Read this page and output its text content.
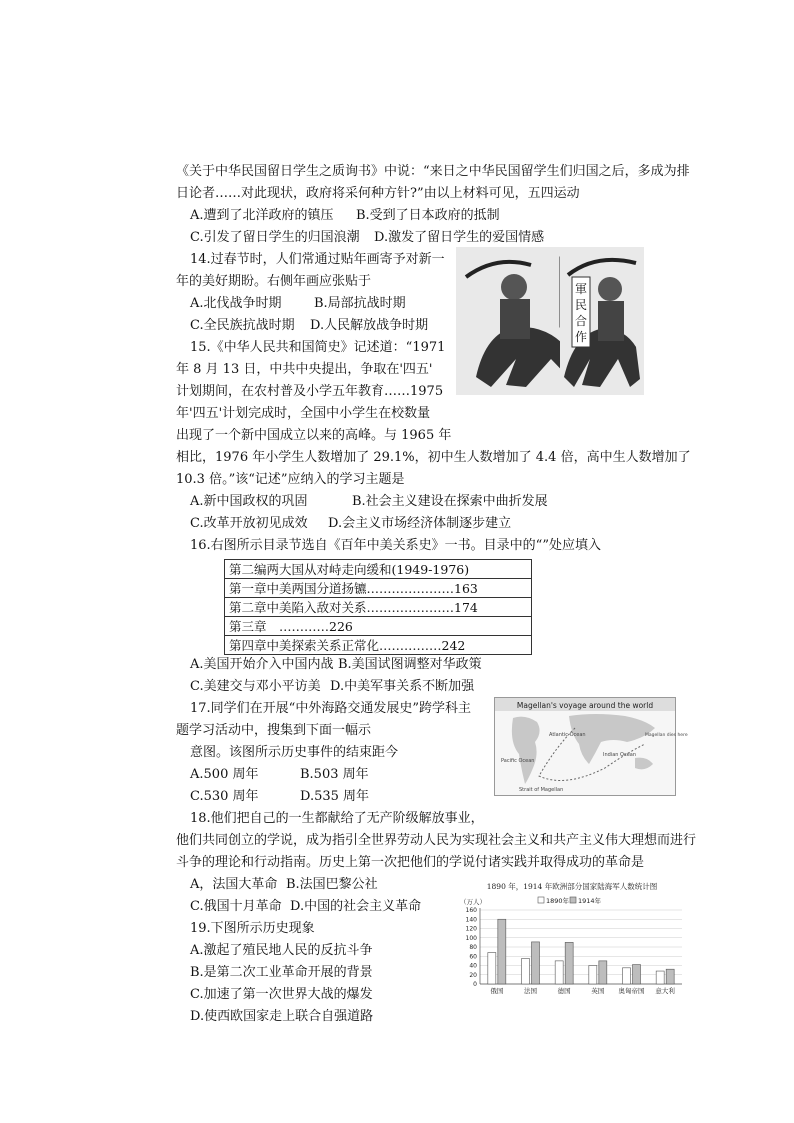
《关于中华民国留日学生之质询书》中说：“来日之中华民国留学生们归国之后，多成为排
日论者……对此现状，政府将采何种方针?”由以上材料可见，五四运动
A.遭到了北洋政府的镇压 B.受到了日本政府的抵制
C.引发了留日学生的归国浪潮 D.激发了留日学生的爱国情感
14.过春节时，人们常通过贴年画寄予对新一
年的美好期盼。右侧年画应张贴于
A.北伐战争时期 B.局部抗战时期
C.全民族抗战时期 D.人民解放战争时期
軍
民
合
作
15.《中华人民共和国简史》记述道：“1971
年 8 月 13 日，中共中央提出，争取在'四五'
计划期间，在农村普及小学五年教育……1975
年'四五'计划完成时，全国中小学生在校数量
出现了一个新中国成立以来的高峰。与 1965 年
相比，1976 年小学生人数增加了 29.1%，初中生人数增加了 4.4 倍，高中生人数增加了
10.3 倍。”该“记述”应纳入的学习主题是
A.新中国政权的巩固	B.社会主义建设在探索中曲折发展
C.改革开放初见成效 D.会主义市场经济体制逐步建立
16.右图所示目录节选自《百年中美关系史》一书。目录中的“”处应填入
第二编两大国从对峙走向缓和(1949-1976)
第一章中美两国分道扬镳…………………163
第二章中美陷入敌对关系…………………174
第三章　…………226
第四章中美探索关系正常化……………242
A.美国开始介入中国内战 B.美国试图调整对华政策
C.美建交与邓小平访美 D.中美军事关系不断加强
17.同学们在开展“中外海路交通发展史”跨学科主
题学习活动中，搜集到下面一幅示
意图。该图所示历史事件的结束距今
A.500 周年	B.503 周年
C.530 周年	D.535 周年
Magellan's voyage around the world
Atlantic Ocean
Pacific Ocean
Indian Ocean
Strait of Magellan
Magellan dies here
18.他们把自己的一生都献给了无产阶级解放事业，
他们共同创立的学说，成为指引全世界劳动人民为实现社会主义和共产主义伟大理想而进行
斗争的理论和行动指南。历史上第一次把他们的学说付诸实践并取得成功的革命是
A，法国大革命 B.法国巴黎公社
C.俄国十月革命 D.中国的社会主义革命
19.下图所示历史现象
A.激起了殖民地人民的反抗斗争
B.是第二次工业革命开展的背景
C.加速了第一次世界大战的爆发
D.使西欧国家走上联合自强道路
1890 年，1914 年欧洲部分国家陆海军人数统计图
（万人）	1890年 1914年
0
20
40
60
80
100
120
140
160
俄国	法国	德国	英国 奥匈帝国 意大利
